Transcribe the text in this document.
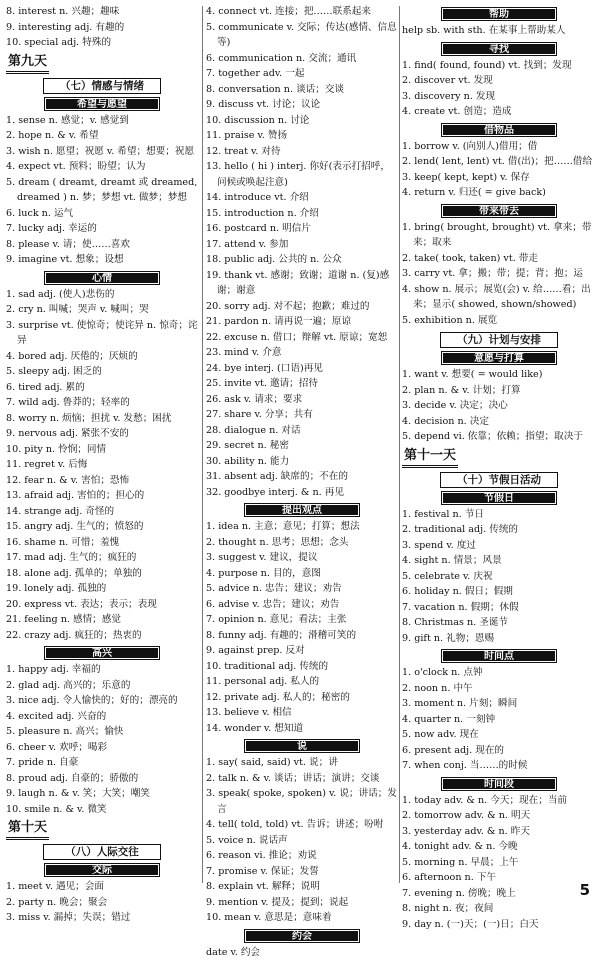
8. interest n. 兴趣；趣味
9. interesting adj. 有趣的
10. special adj. 特殊的
第九天
（七）情感与情绪
希望与愿望
1. sense n. 感觉；v. 感觉到
2. hope n. & v. 希望
3. wish n. 愿望；祝愿 v. 希望；想要；祝愿
4. expect vt. 预料；盼望；认为
5. dream ( dreamt, dreamt 或 dreamed, dreamed ) n. 梦；梦想 vt. 做梦；梦想
6. luck n. 运气
7. lucky adj. 幸运的
8. please v. 请；使……喜欢
9. imagine vt. 想象；设想
心情
1. sad adj. (使人)悲伤的
2. cry n. 叫喊；哭声 v. 喊叫；哭
3. surprise vt. 使惊奇；使诧异 n. 惊奇；诧异
4. bored adj. 厌倦的；厌烦的
5. sleepy adj. 困乏的
6. tired adj. 累的
7. wild adj. 鲁莽的；轻率的
8. worry n. 烦恼；担扰 v. 发愁；困扰
9. nervous adj. 紧张不安的
10. pity n. 怜悯；同情
11. regret v. 后悔
12. fear n. & v. 害怕；恐怖
13. afraid adj. 害怕的；担心的
14. strange adj. 奇怪的
15. angry adj. 生气的；愤怒的
16. shame n. 可惜；羞愧
17. mad adj. 生气的；疯狂的
18. alone adj. 孤单的；单独的
19. lonely adj. 孤独的
20. express vt. 表达；表示；表现
21. feeling n. 感情；感觉
22. crazy adj. 疯狂的；热衷的
高兴
1. happy adj. 幸福的
2. glad adj. 高兴的；乐意的
3. nice adj. 令人愉快的；好的；漂亮的
4. excited adj. 兴奋的
5. pleasure n. 高兴；愉快
6. cheer v. 欢呼；喝彩
7. pride n. 自豪
8. proud adj. 自豪的；骄傲的
9. laugh n. & v. 笑；大笑；嘲笑
10. smile n. & v. 微笑
第十天
（八）人际交往
交际
1. meet v. 遇见；会面
2. party n. 晚会；聚会
3. miss v. 漏掉；失误；错过
4. connect vt. 连接；把……联系起来
5. communicate v. 交际；传达(感情、信息等)
6. communication n. 交流；通讯
7. together adv. 一起
8. conversation n. 谈话；交谈
9. discuss vt. 讨论；议论
10. discussion n. 讨论
11. praise v. 赞扬
12. treat v. 对待
13. hello ( hi ) interj. 你好(表示打招呼，问候或唤起注意)
14. introduce vt. 介绍
15. introduction n. 介绍
16. postcard n. 明信片
17. attend v. 参加
18. public adj. 公共的 n. 公众
19. thank vt. 感谢；致谢；道谢 n. (复)感谢；谢意
20. sorry adj. 对不起；抱歉；难过的
21. pardon n. 请再说一遍；原谅
22. excuse n. 借口；辩解 vt. 原谅；宽恕
23. mind v. 介意
24. bye interj. (口语)再见
25. invite vt. 邀请；招待
26. ask v. 请求；要求
27. share v. 分享；共有
28. dialogue n. 对话
29. secret n. 秘密
30. ability n. 能力
31. absent adj. 缺席的；不在的
32. goodbye interj. & n. 再见
提出观点
1. idea n. 主意；意见；打算；想法
2. thought n. 思考；思想；念头
3. suggest v. 建议，提议
4. purpose n. 目的，意图
5. advice n. 忠告；建议；劝告
6. advise v. 忠告；建议；劝告
7. opinion n. 意见；看法；主张
8. funny adj. 有趣的；滑稽可笑的
9. against prep. 反对
10. traditional adj. 传统的
11. personal adj. 私人的
12. private adj. 私人的；秘密的
13. believe v. 相信
14. wonder v. 想知道
说
1. say( said, said) vt. 说；讲
2. talk n. & v. 谈话；讲话；演讲；交谈
3. speak( spoke, spoken) v. 说；讲话；发言
4. tell( told, told) vt. 告诉；讲述；吩咐
5. voice n. 说话声
6. reason vi. 推论；劝说
7. promise v. 保证；发誓
8. explain vt. 解释；说明
9. mention v. 提及；提到；说起
10. mean v. 意思是；意味着
约会
date v. 约会
帮助
help sb. with sth. 在某事上帮助某人
寻找
1. find( found, found) vt. 找到；发现
2. discover vt. 发现
3. discovery n. 发现
4. create vt. 创造；造成
借物品
1. borrow v. (向别人)借用；借
2. lend( lent, lent) vt. 借(出)；把……借给
3. keep( kept, kept) v. 保存
4. return v. 归还( = give back)
带来带去
1. bring( brought, brought) vt. 拿来；带来；取来
2. take( took, taken) vt. 带走
3. carry vt. 拿；搬；带；提；背；抱；运
4. show n. 展示；展览(会) v. 给……看；出来；显示( showed, shown/showed)
5. exhibition n. 展览
（九）计划与安排
意愿与打算
1. want v. 想要( = would like)
2. plan n. & v. 计划；打算
3. decide v. 决定；决心
4. decision n. 决定
5. depend vi. 依靠；依赖；指望；取决于
第十一天
（十）节假日活动
节假日
1. festival n. 节日
2. traditional adj. 传统的
3. spend v. 度过
4. sight n. 情景；风景
5. celebrate v. 庆祝
6. holiday n. 假日；假期
7. vacation n. 假期；休假
8. Christmas n. 圣诞节
9. gift n. 礼物；恩赐
时间点
1. o'clock n. 点钟
2. noon n. 中午
3. moment n. 片刻；瞬间
4. quarter n. 一刻钟
5. now adv. 现在
6. present adj. 现在的
7. when conj. 当……的时候
时间段
1. today adv. & n. 今天；现在；当前
2. tomorrow adv. & n. 明天
3. yesterday adv. & n. 昨天
4. tonight adv. & n. 今晚
5. morning n. 早晨；上午
6. afternoon n. 下午
7. evening n. 傍晚；晚上
8. night n. 夜；夜间
9. day n. (一)天；(一)日；白天
5
